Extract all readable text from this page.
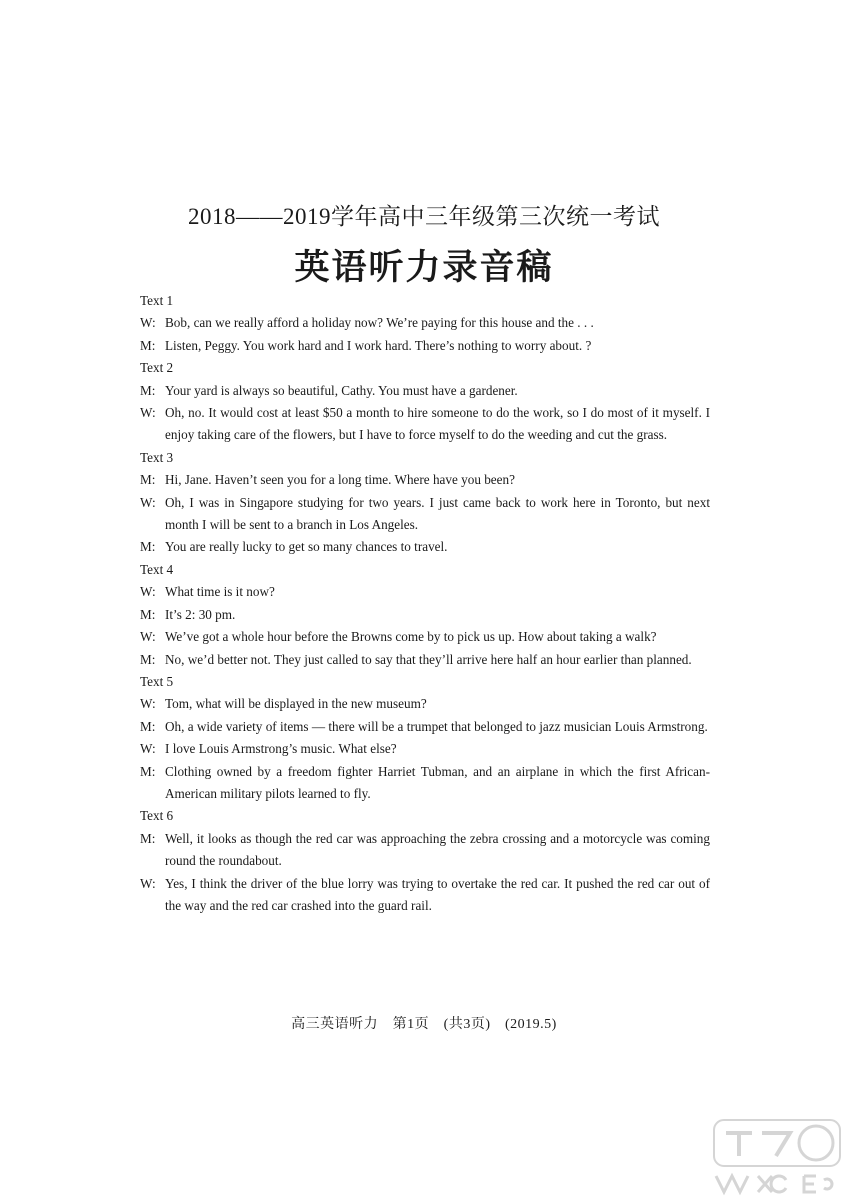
2018——2019学年高中三年级第三次统一考试
英语听力录音稿
Text 1
W: Bob, can we really afford a holiday now? We’re paying for this house and the . . .
M: Listen, Peggy. You work hard and I work hard. There’s nothing to worry about. ?
Text 2
M: Your yard is always so beautiful, Cathy. You must have a gardener.
W: Oh, no. It would cost at least $50 a month to hire someone to do the work, so I do most of it myself. I enjoy taking care of the flowers, but I have to force myself to do the weeding and cut the grass.
Text 3
M: Hi, Jane. Haven’t seen you for a long time. Where have you been?
W: Oh, I was in Singapore studying for two years. I just came back to work here in Toronto, but next month I will be sent to a branch in Los Angeles.
M: You are really lucky to get so many chances to travel.
Text 4
W: What time is it now?
M: It’s 2: 30 pm.
W: We’ve got a whole hour before the Browns come by to pick us up. How about taking a walk?
M: No, we’d better not. They just called to say that they’ll arrive here half an hour earlier than planned.
Text 5
W: Tom, what will be displayed in the new museum?
M: Oh, a wide variety of items — there will be a trumpet that belonged to jazz musician Louis Armstrong.
W: I love Louis Armstrong’s music. What else?
M: Clothing owned by a freedom fighter Harriet Tubman, and an airplane in which the first African-American military pilots learned to fly.
Text 6
M: Well, it looks as though the red car was approaching the zebra crossing and a motorcycle was coming round the roundabout.
W: Yes, I think the driver of the blue lorry was trying to overtake the red car. It pushed the red car out of the way and the red car crashed into the guard rail.
高三英语听力　第1页　(共3页)　(2019.5)
